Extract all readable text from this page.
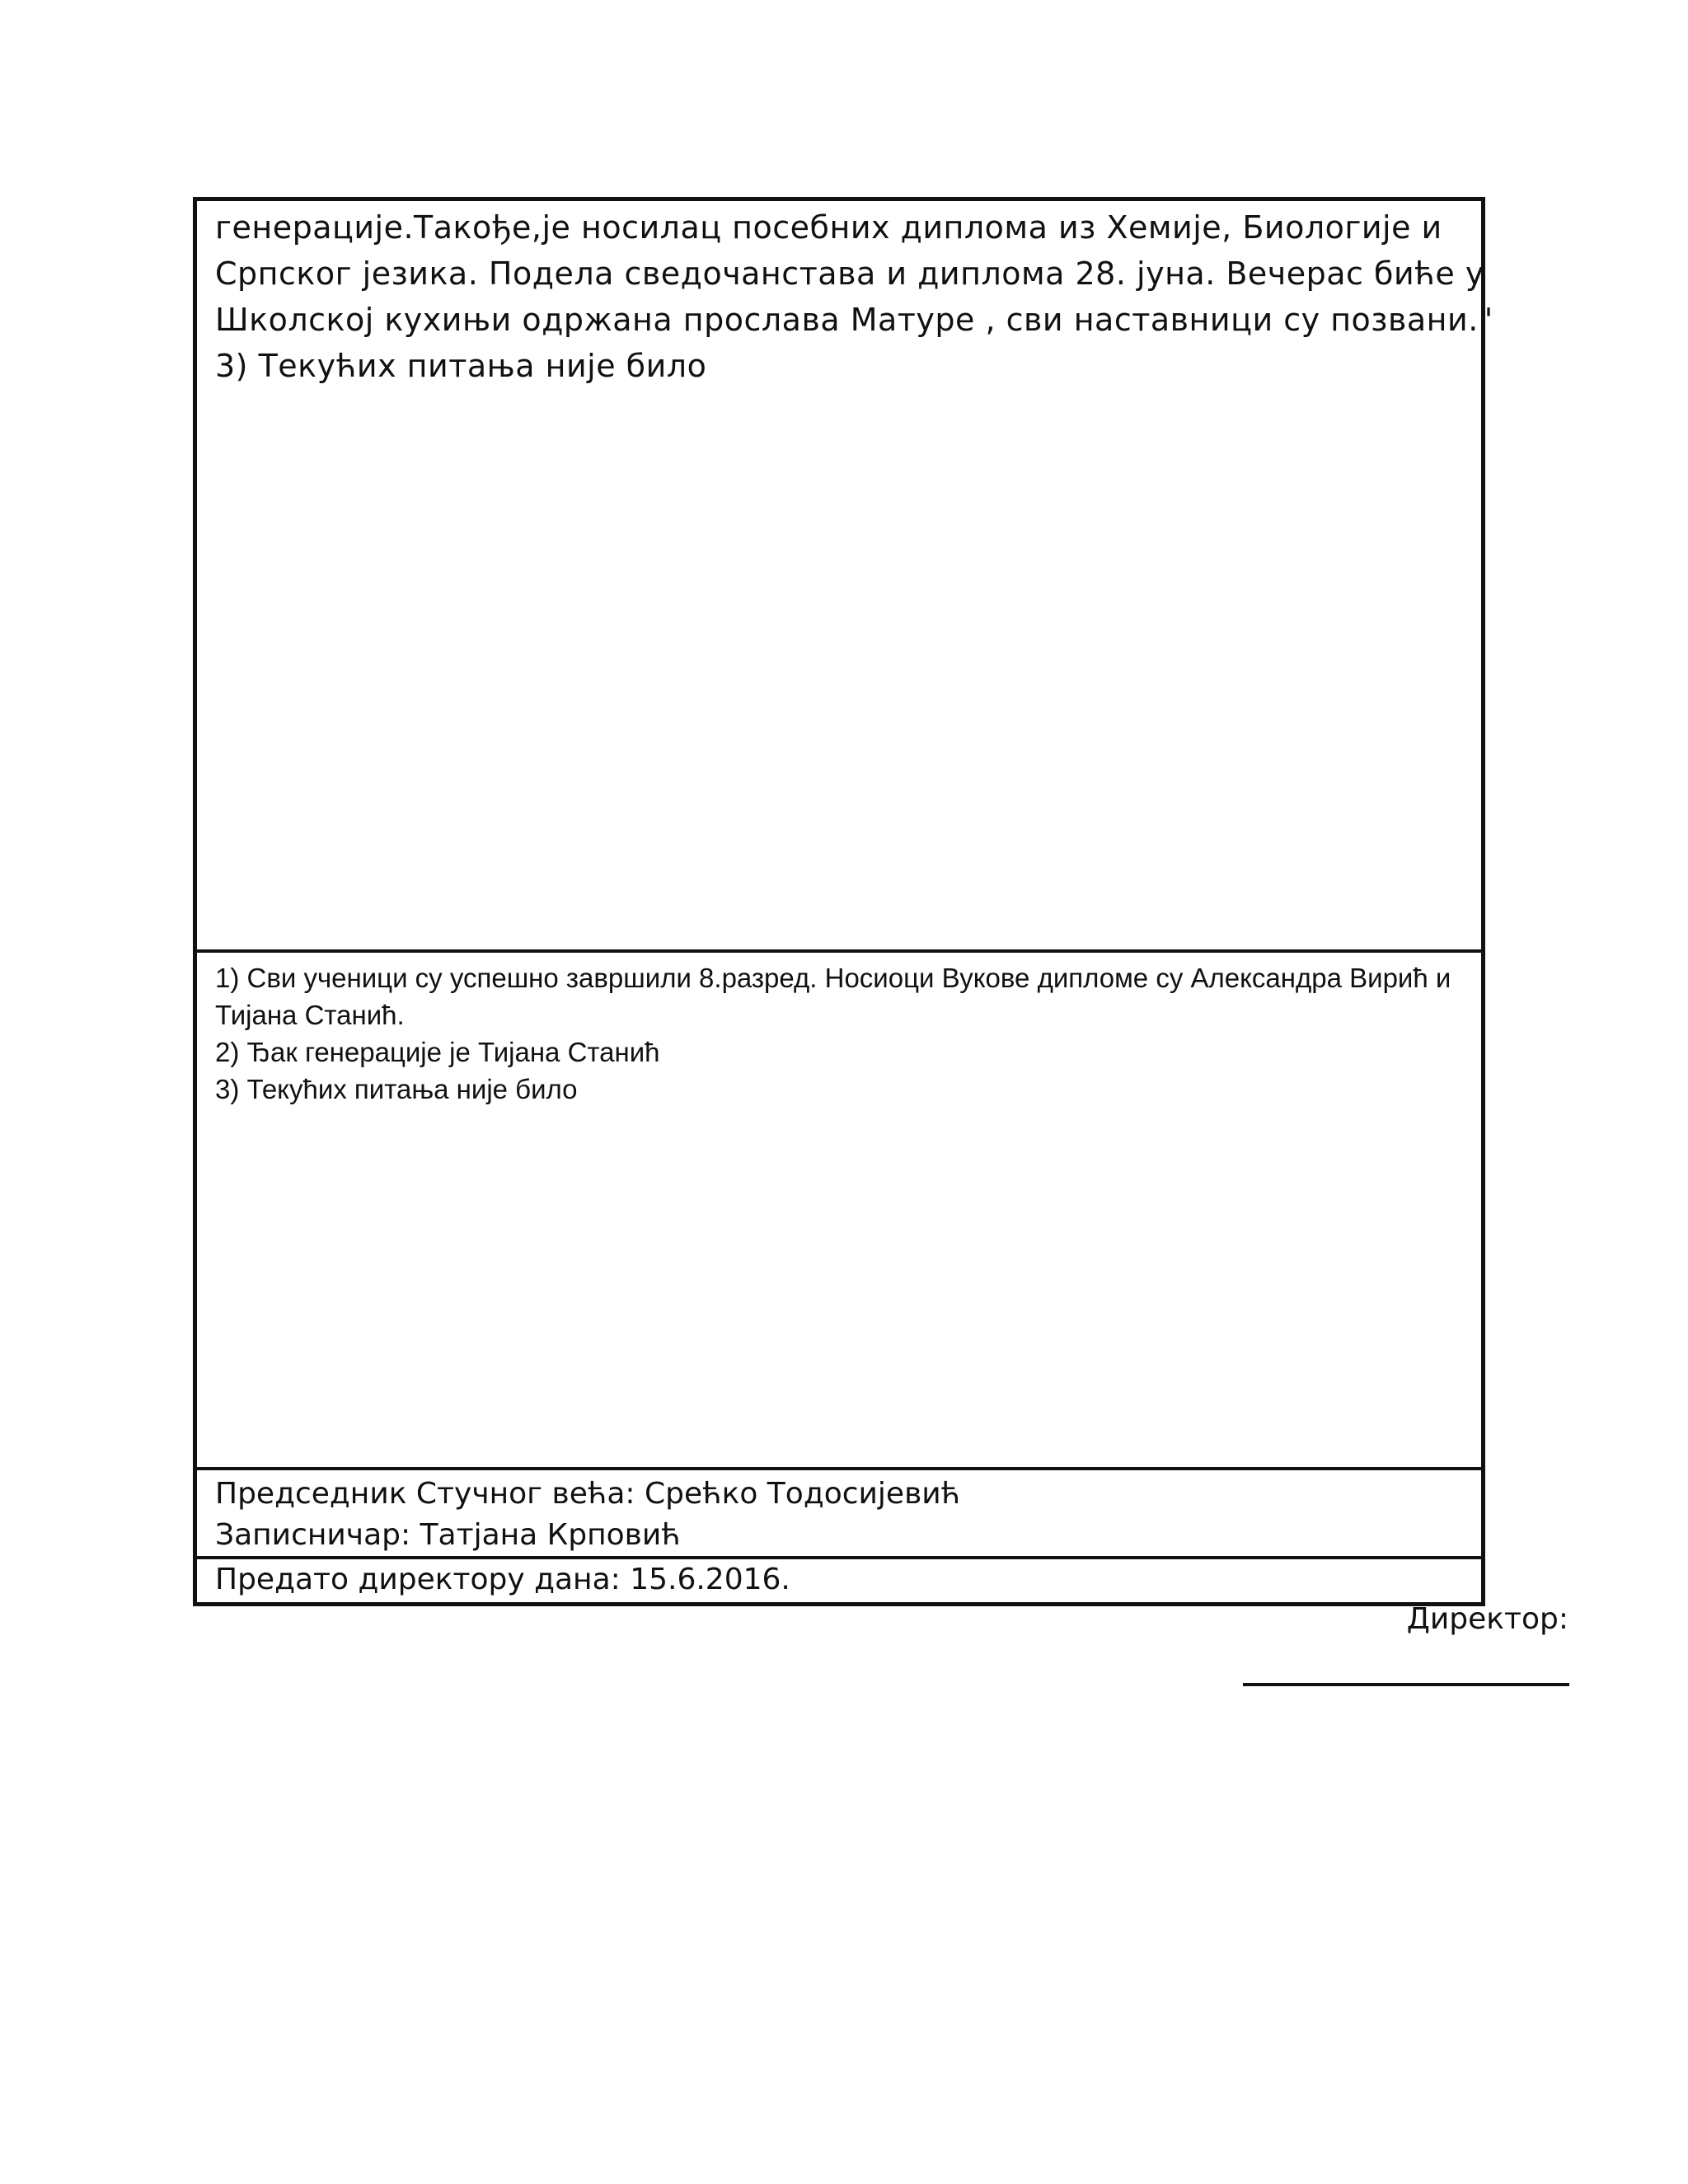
генерације.Такође,је носилац посебних диплома из Хемије, Биологије и
Српског језика. Подела сведочанстава и диплома 28. јуна. Вечерас биће у
Школској кухињи одржана прослава Матуре , сви наставници су позвани."
3) Текућих питања није било
1) Сви ученици су успешно завршили 8.разред. Носиоци Вукове дипломе су Александра Вирић и
Тијана Станић.
2) Ђак генерације је Тијана Станић
3) Текућих питања није било
Председник Стучног већа: Срећко Тодосијевић
Записничар: Татјана Крповић
Предато директору дана: 15.6.2016.
Директор:
